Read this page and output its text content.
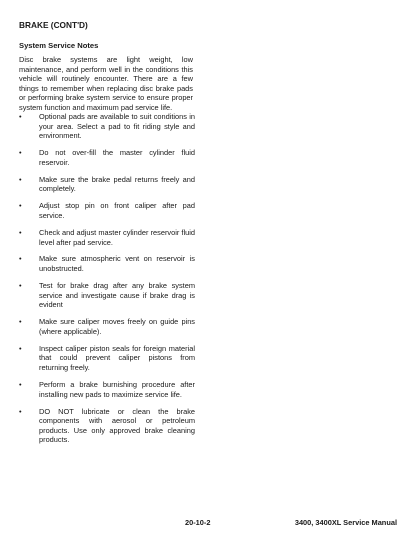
BRAKE (CONT'D)
System Service Notes

Disc brake systems are light weight, low maintenance, and perform well in the conditions this vehicle will routinely encounter. There are a few things to remember when replacing disc brake pads or performing brake system service to ensure proper system function and maximum pad service life.

•	Optional pads are available to suit conditions in your area. Select a pad to fit riding style and environment.
•	Do not over-fill the master cylinder fluid reservoir.
•	Make sure the brake pedal returns freely and completely.
•	Adjust stop pin on front caliper after pad service.
•	Check and adjust master cylinder reservoir fluid level after pad service.
•	Make sure atmospheric vent on reservoir is unobstructed.
•	Test for brake drag after any brake system service and investigate cause if brake drag is evident
•	Make sure caliper moves freely on guide pins (where applicable).
•	Inspect caliper piston seals for foreign material that could prevent caliper pistons from returning freely.
•	Perform a brake burnishing procedure after installing new pads to maximize service life.
•	DO NOT lubricate or clean the brake components with aerosol or petroleum products. Use only approved brake cleaning products.
20-10-2	3400, 3400XL Service Manual
